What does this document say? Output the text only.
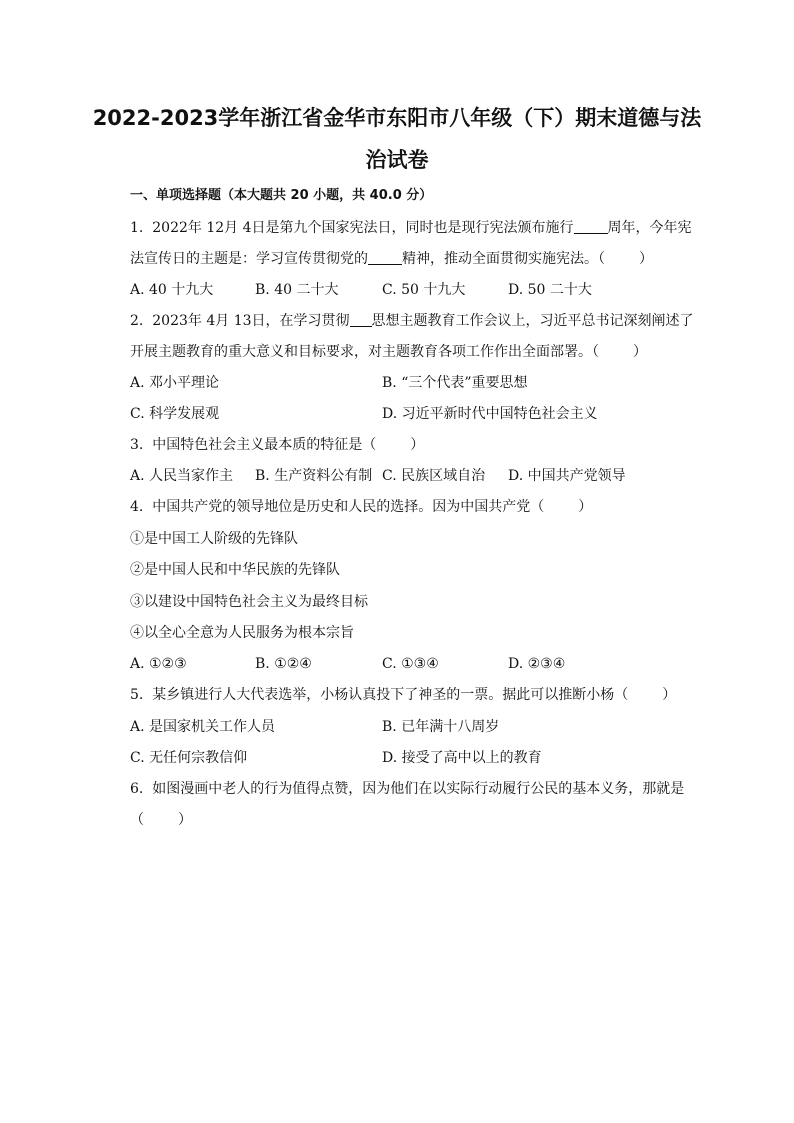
2022-2023学年浙江省金华市东阳市八年级（下）期末道德与法
治试卷
一、单项选择题（本大题共 20 小题，共 40.0 分）
1. 2022年 12月 4日是第九个国家宪法日，同时也是现行宪法颁布施行 周年，今年宪
法宣传日的主题是：学习宣传贯彻党的 精神，推动全面贯彻实施宪法。（ ）
A. 40 十九大	B. 40 二十大	C. 50 十九大	D. 50 二十大
2. 2023年 4月 13日，在学习贯彻 思想主题教育工作会议上，习近平总书记深刻阐述了
开展主题教育的重大意义和目标要求，对主题教育各项工作作出全面部署。（ ）
A. 邓小平理论	B. “三个代表”重要思想
C. 科学发展观	D. 习近平新时代中国特色社会主义
3. 中国特色社会主义最本质的特征是（ ）
A. 人民当家作主 B. 生产资料公有制 C. 民族区域自治 D. 中国共产党领导
4. 中国共产党的领导地位是历史和人民的选择。因为中国共产党（ ）
①是中国工人阶级的先锋队
②是中国人民和中华民族的先锋队
③以建设中国特色社会主义为最终目标
④以全心全意为人民服务为根本宗旨
A. ①②③	B. ①②④	C. ①③④	D. ②③④
5. 某乡镇进行人大代表选举，小杨认真投下了神圣的一票。据此可以推断小杨（ ）
A. 是国家机关工作人员	B. 已年满十八周岁
C. 无任何宗教信仰	D. 接受了高中以上的教育
6. 如图漫画中老人的行为值得点赞，因为他们在以实际行动履行公民的基本义务，那就是
（ ）
